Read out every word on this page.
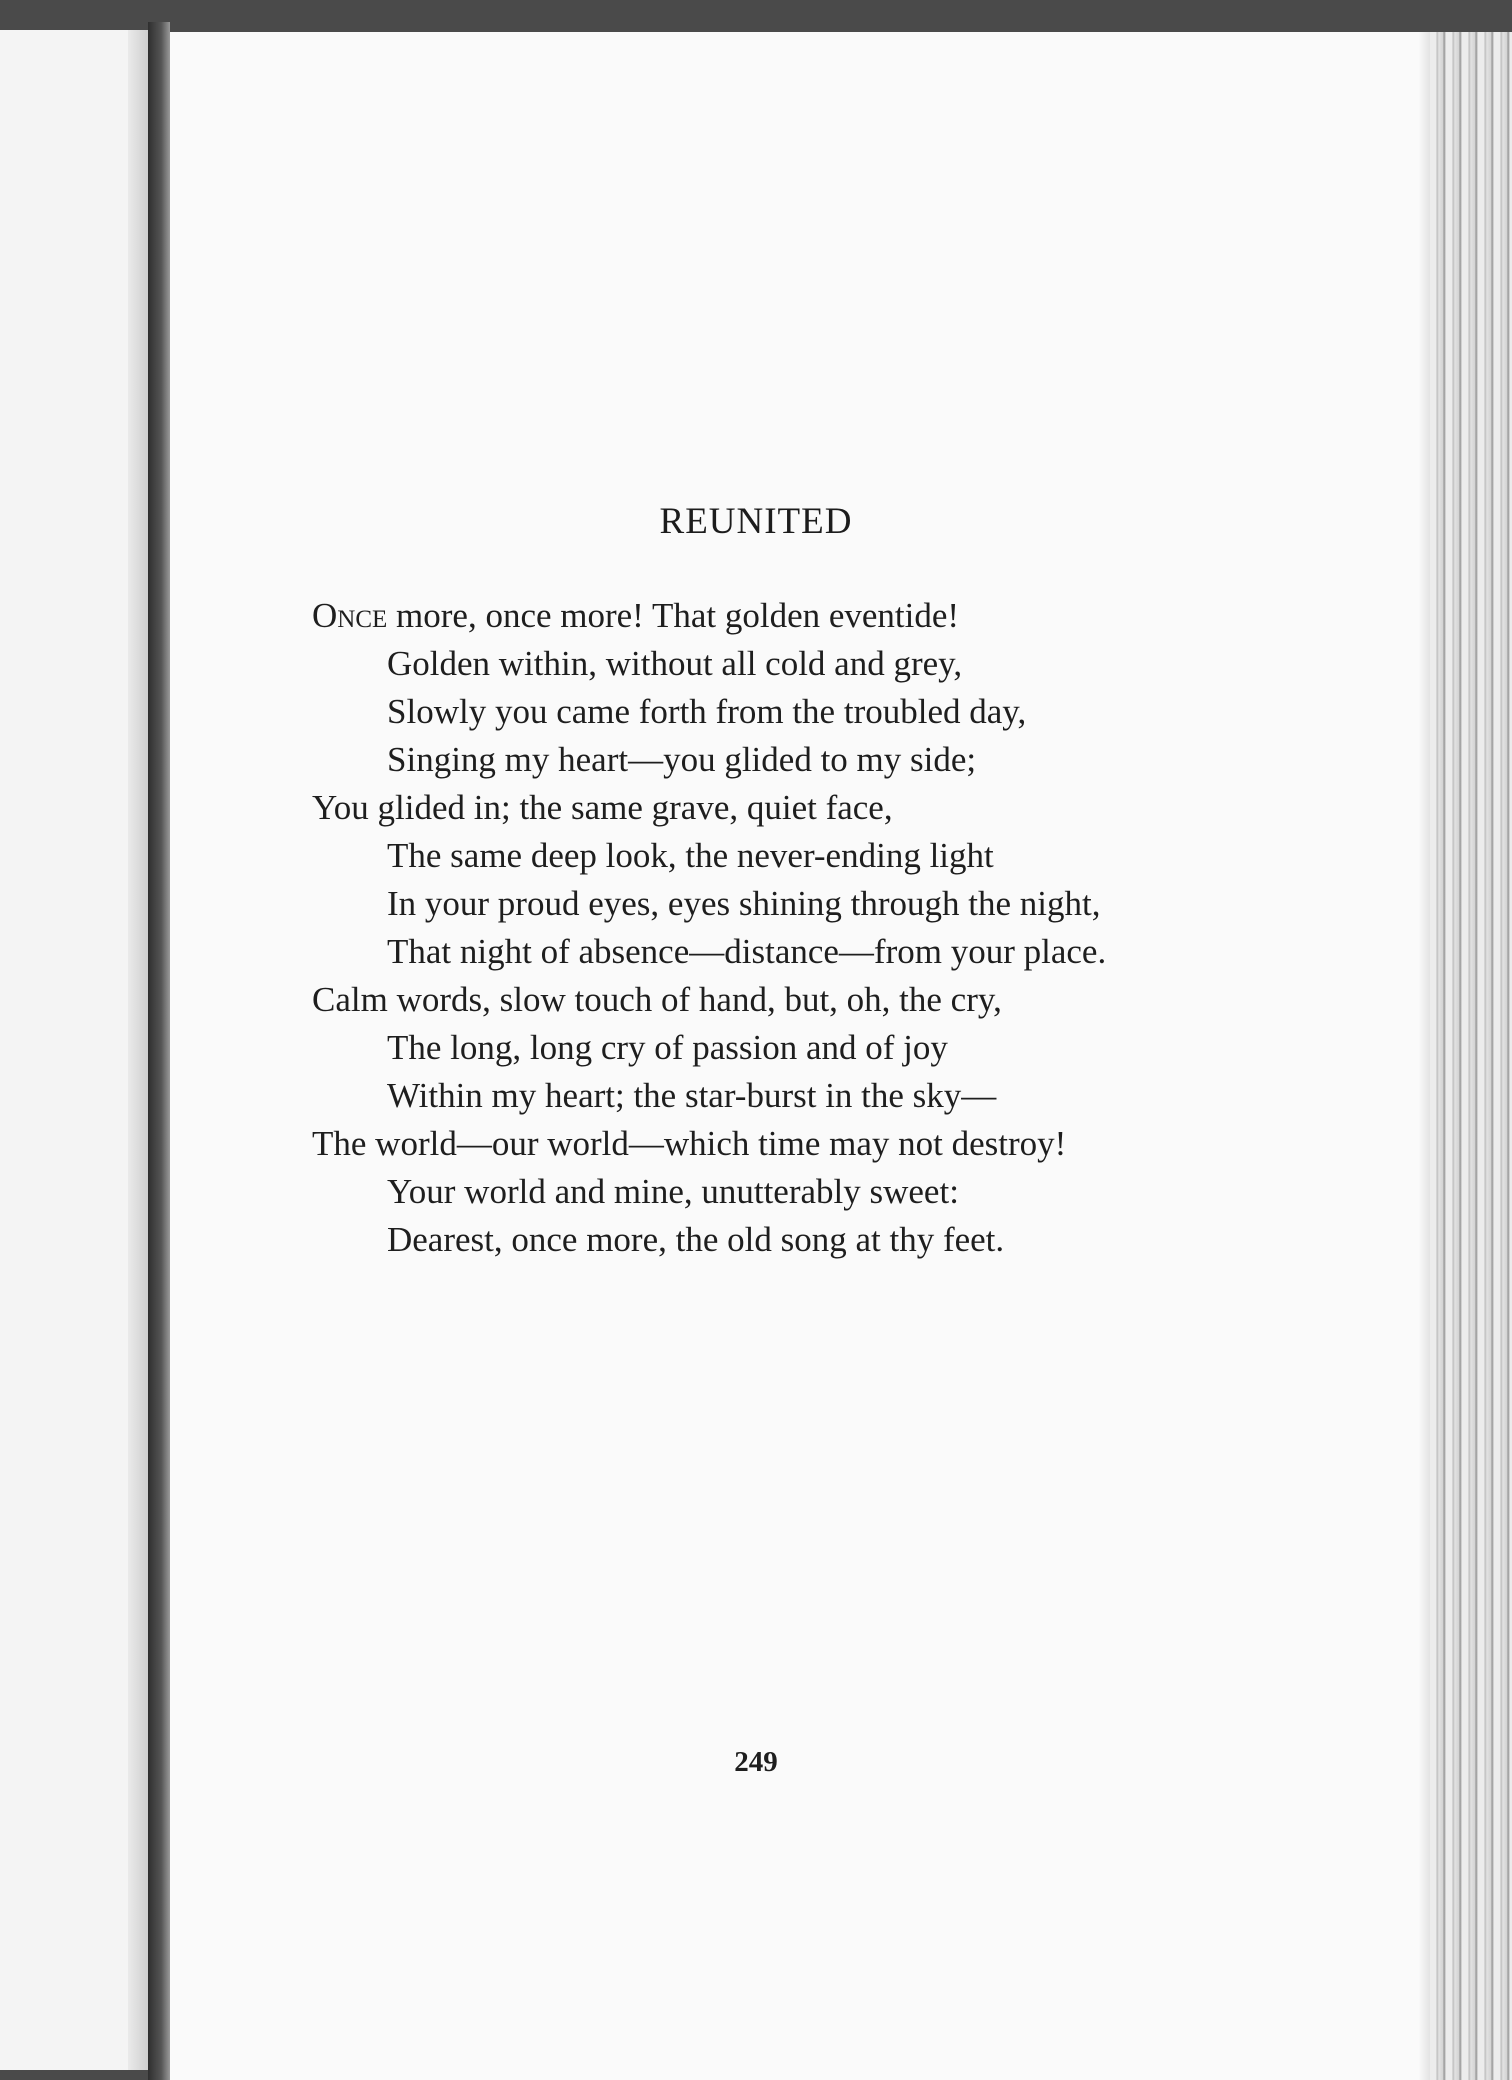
REUNITED
Once more, once more! That golden eventide!
Golden within, without all cold and grey,
Slowly you came forth from the troubled day,
Singing my heart—you glided to my side;
You glided in; the same grave, quiet face,
The same deep look, the never-ending light
In your proud eyes, eyes shining through the night,
That night of absence—distance—from your place.
Calm words, slow touch of hand, but, oh, the cry,
The long, long cry of passion and of joy
Within my heart; the star-burst in the sky—
The world—our world—which time may not destroy!
Your world and mine, unutterably sweet:
Dearest, once more, the old song at thy feet.
249
